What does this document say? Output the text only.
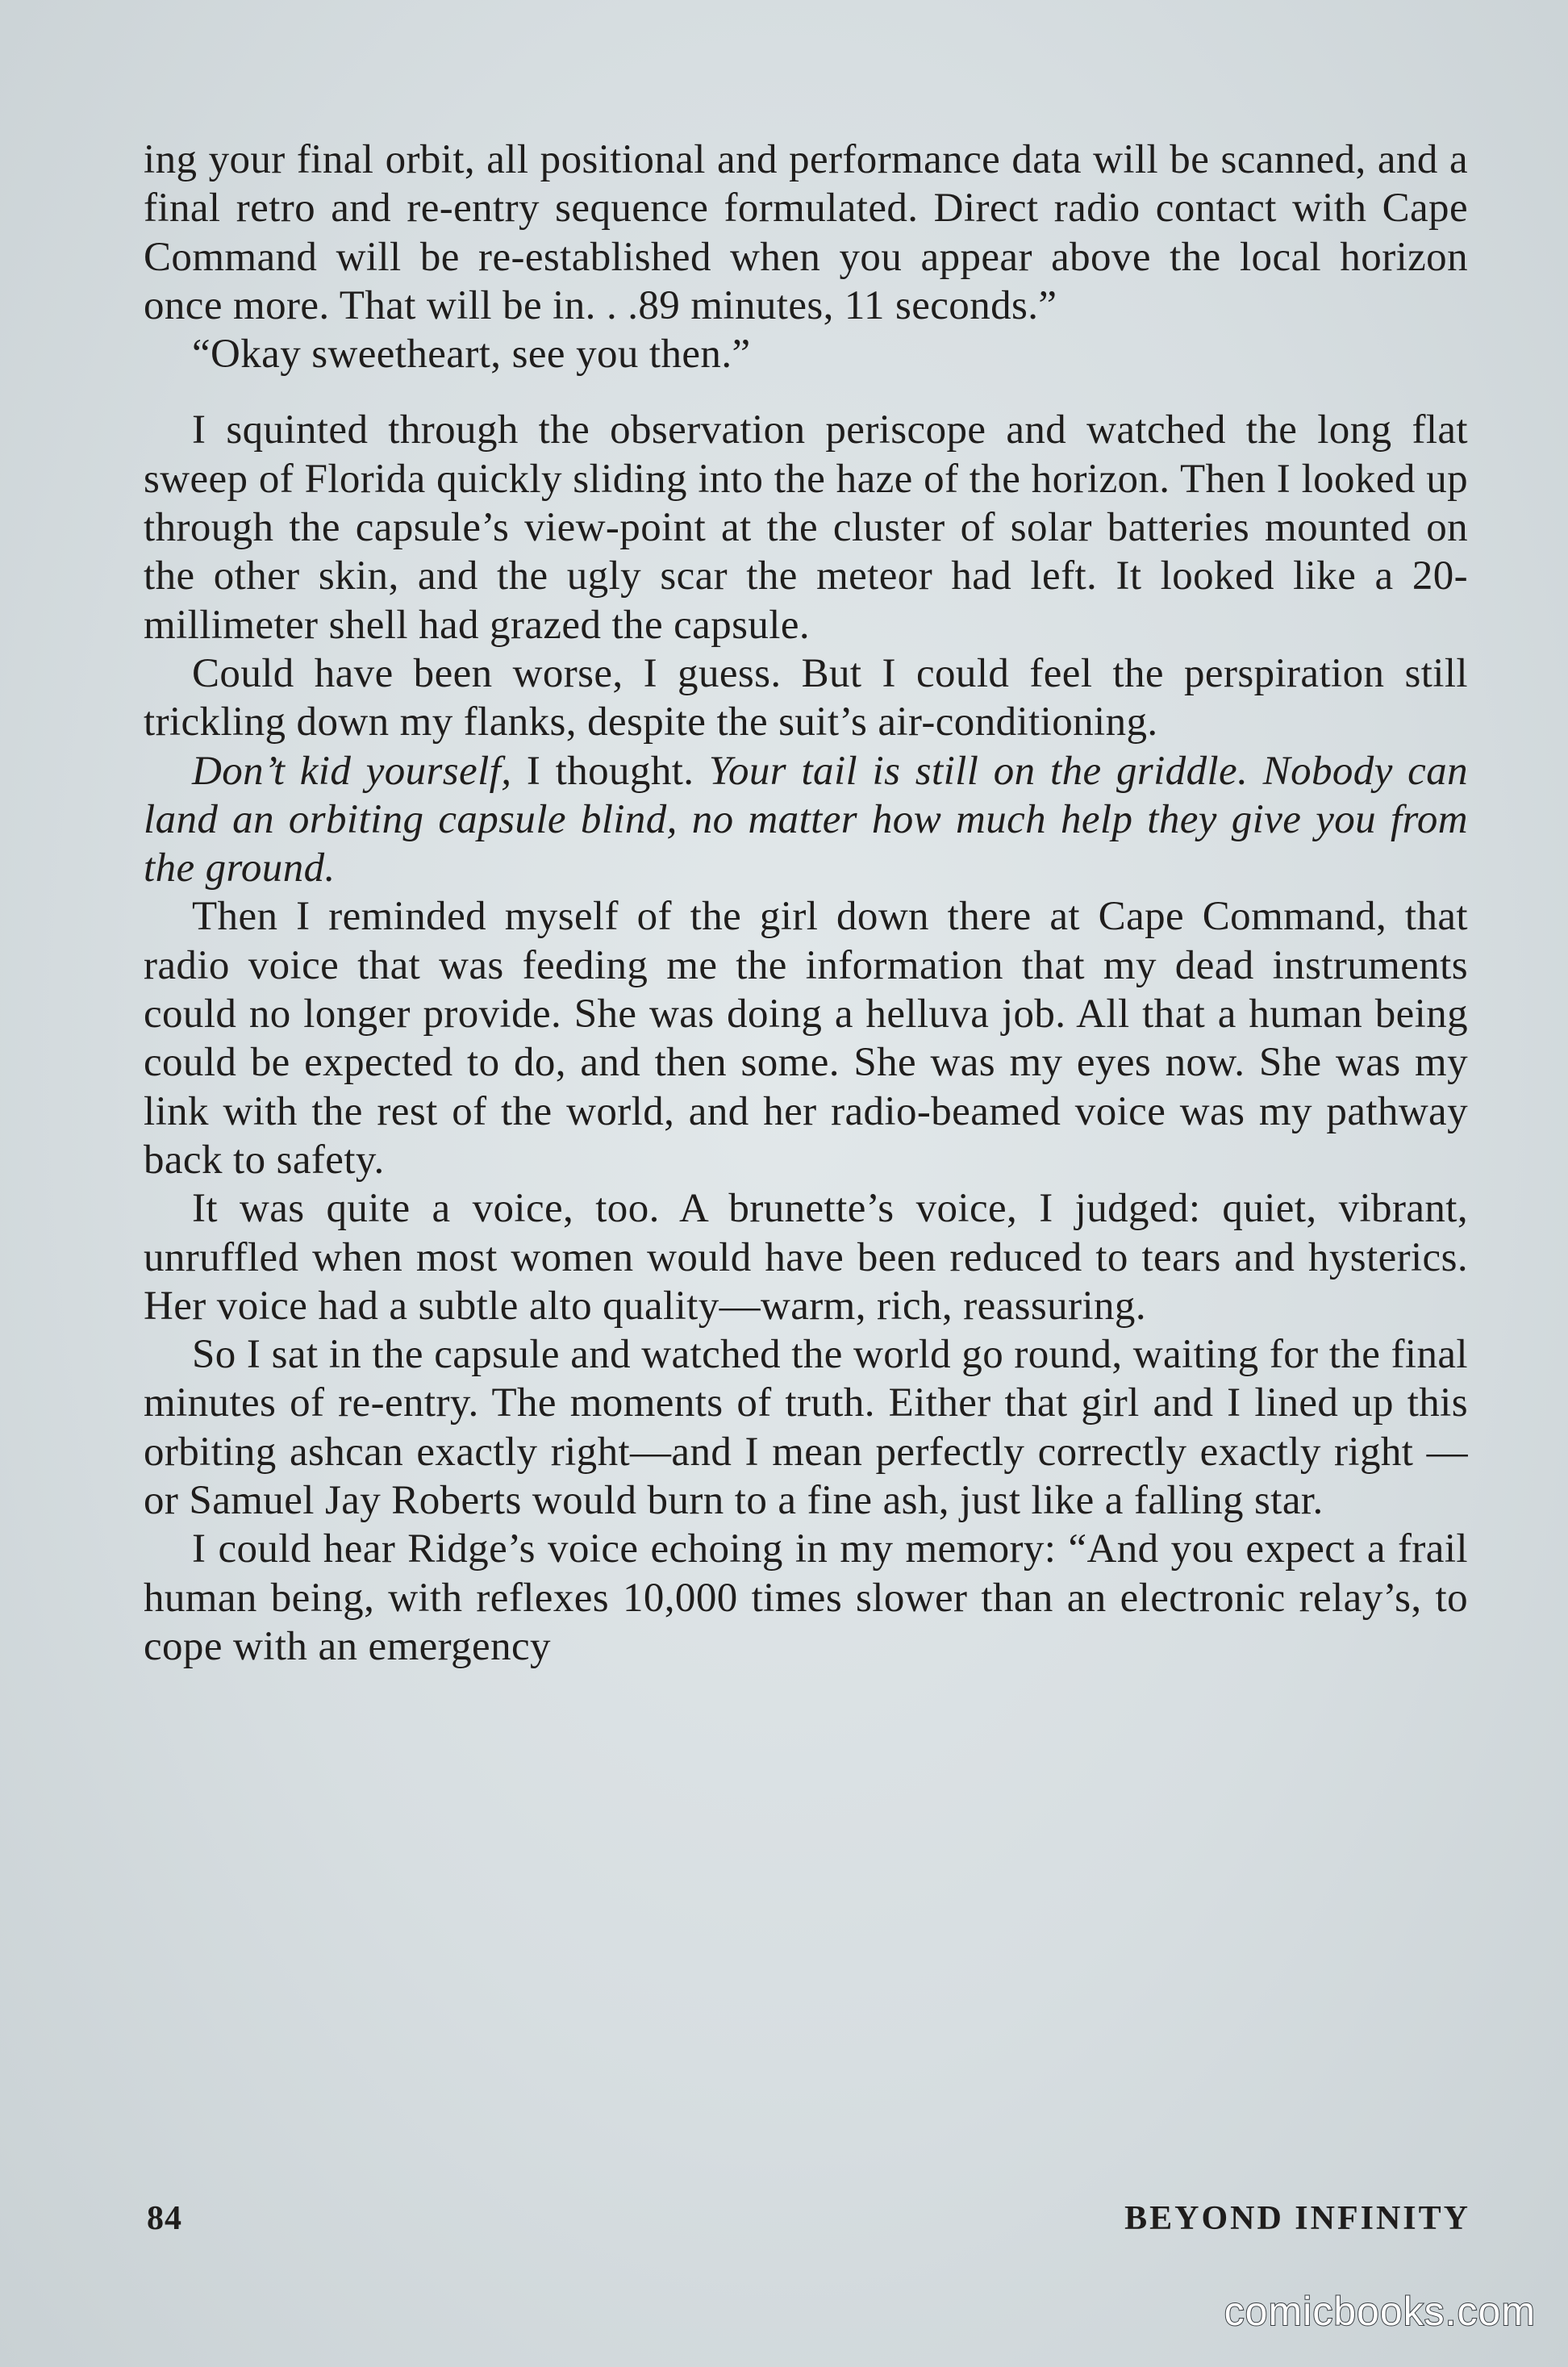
ing your final orbit, all positional and performance data will be scanned, and a final retro and re-entry sequence formulated. Direct radio contact with Cape Command will be re-established when you appear above the local horizon once more. That will be in. . .89 minutes, 11 seconds.”

“Okay sweetheart, see you then.”

I squinted through the observation periscope and watched the long flat sweep of Florida quickly sliding into the haze of the horizon. Then I looked up through the capsule’s view-point at the cluster of solar batteries mounted on the other skin, and the ugly scar the meteor had left. It looked like a 20-millimeter shell had grazed the capsule.

Could have been worse, I guess. But I could feel the perspiration still trickling down my flanks, despite the suit’s air-conditioning.

Don’t kid yourself, I thought. Your tail is still on the griddle. Nobody can land an orbiting capsule blind, no matter how much help they give you from the ground.

Then I reminded myself of the girl down there at Cape Command, that radio voice that was feeding me the information that my dead instruments could no longer provide. She was doing a helluva job. All that a human being could be expected to do, and then some. She was my eyes now. She was my link with the rest of the world, and her radio-beamed voice was my pathway back to safety.

It was quite a voice, too. A brunette’s voice, I judged: quiet, vibrant, unruffled when most women would have been reduced to tears and hysterics. Her voice had a subtle alto quality—warm, rich, reassuring.

So I sat in the capsule and watched the world go round, waiting for the final minutes of re-entry. The moments of truth. Either that girl and I lined up this orbiting ashcan exactly right—and I mean perfectly correctly exactly right —or Samuel Jay Roberts would burn to a fine ash, just like a falling star.

I could hear Ridge’s voice echoing in my memory: “And you expect a frail human being, with reflexes 10,000 times slower than an electronic relay’s, to cope with an emergency

84	BEYOND INFINITY
comicbooks.com
